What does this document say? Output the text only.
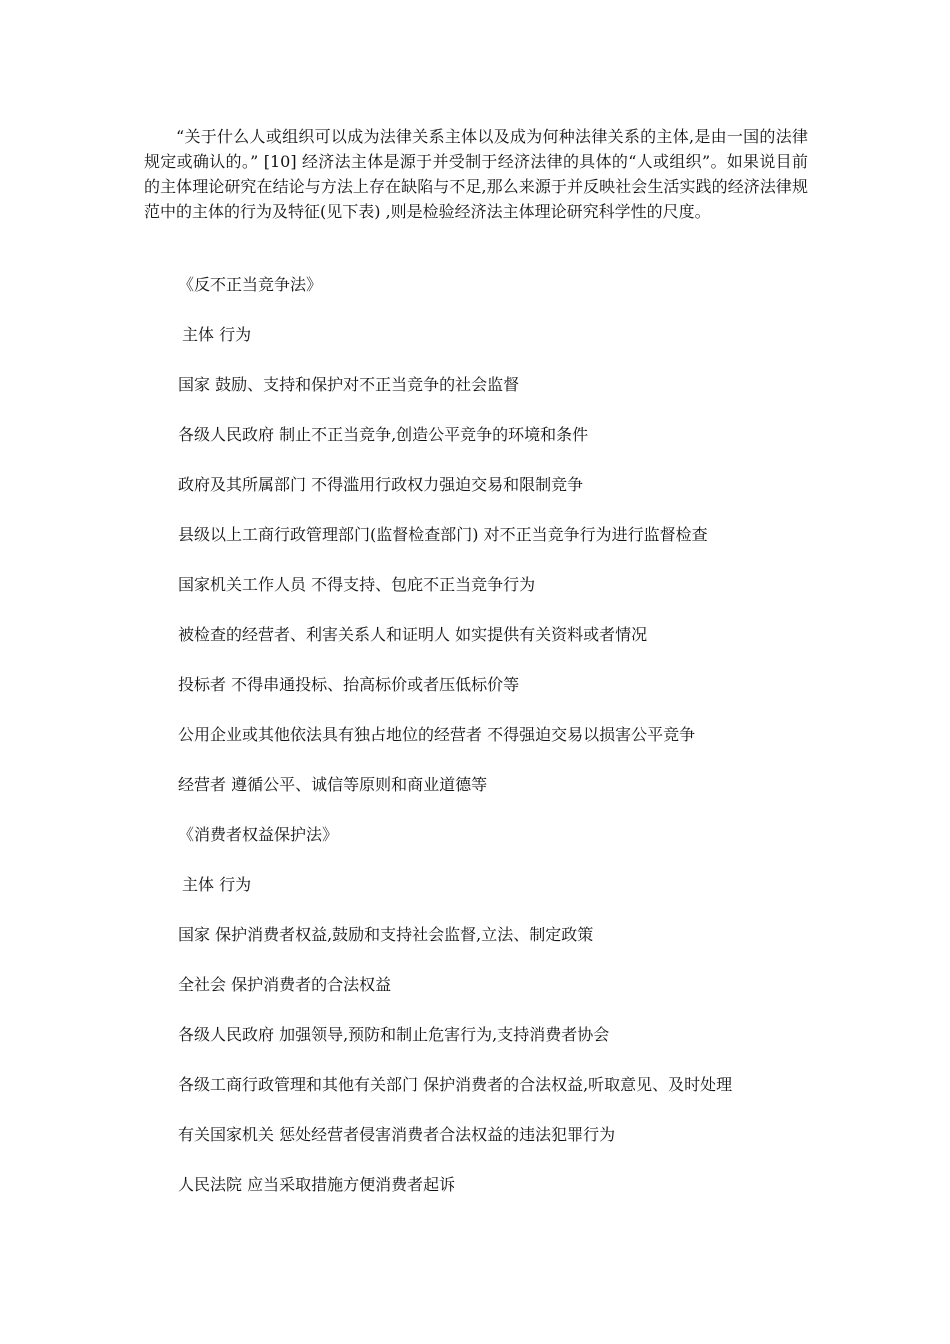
“关于什么人或组织可以成为法律关系主体以及成为何种法律关系的主体,是由一国的法律规定或确认的。” [10] 经济法主体是源于并受制于经济法律的具体的“人或组织”。如果说目前的主体理论研究在结论与方法上存在缺陷与不足,那么来源于并反映社会生活实践的经济法律规范中的主体的行为及特征(见下表) ,则是检验经济法主体理论研究科学性的尺度。

《反不正当竞争法》

主体 行为

国家 鼓励、支持和保护对不正当竞争的社会监督

各级人民政府 制止不正当竞争,创造公平竞争的环境和条件

政府及其所属部门 不得滥用行政权力强迫交易和限制竞争

县级以上工商行政管理部门(监督检查部门) 对不正当竞争行为进行监督检查

国家机关工作人员 不得支持、包庇不正当竞争行为

被检查的经营者、利害关系人和证明人 如实提供有关资料或者情况

投标者 不得串通投标、抬高标价或者压低标价等

公用企业或其他依法具有独占地位的经营者 不得强迫交易以损害公平竞争

经营者 遵循公平、诚信等原则和商业道德等

《消费者权益保护法》

主体 行为

国家 保护消费者权益,鼓励和支持社会监督,立法、制定政策

全社会 保护消费者的合法权益

各级人民政府 加强领导,预防和制止危害行为,支持消费者协会

各级工商行政管理和其他有关部门 保护消费者的合法权益,听取意见、及时处理

有关国家机关 惩处经营者侵害消费者合法权益的违法犯罪行为

人民法院 应当采取措施方便消费者起诉
